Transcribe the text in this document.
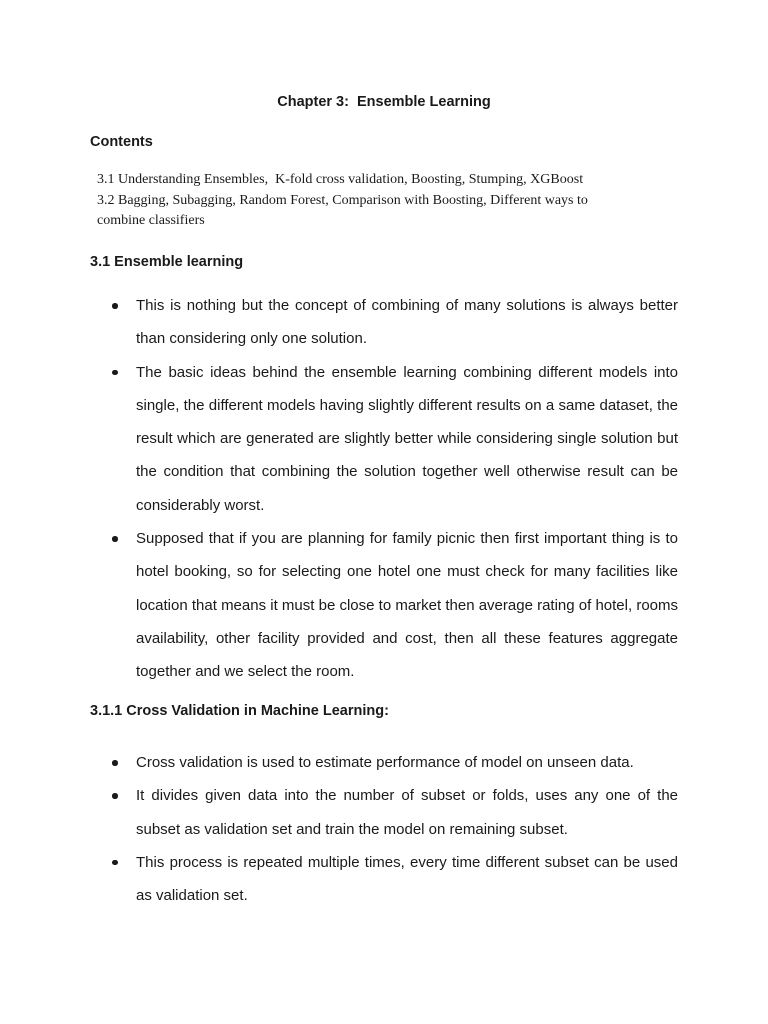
Chapter 3:  Ensemble Learning
Contents
3.1 Understanding Ensembles,  K-fold cross validation, Boosting, Stumping, XGBoost
3.2 Bagging, Subagging, Random Forest, Comparison with Boosting, Different ways to
combine classifiers
3.1 Ensemble learning
This is nothing but the concept of combining of many solutions is always better than considering only one solution.
The basic ideas behind the ensemble learning combining different models into single, the different models having slightly different results on a same dataset, the result which are generated are slightly better while considering single solution but the condition that combining the solution together well otherwise result can be considerably worst.
Supposed that if you are planning for family picnic then first important thing is to hotel booking, so for selecting one hotel one must check for many facilities like location that means it must be close to market then average rating of hotel, rooms availability, other facility provided and cost, then all these features aggregate together and we select the room.
3.1.1 Cross Validation in Machine Learning:
Cross validation is used to estimate performance of model on unseen data.
It divides given data into the number of subset or folds, uses any one of the subset as validation set and train the model on remaining subset.
This process is repeated multiple times, every time different subset can be used as validation set.
